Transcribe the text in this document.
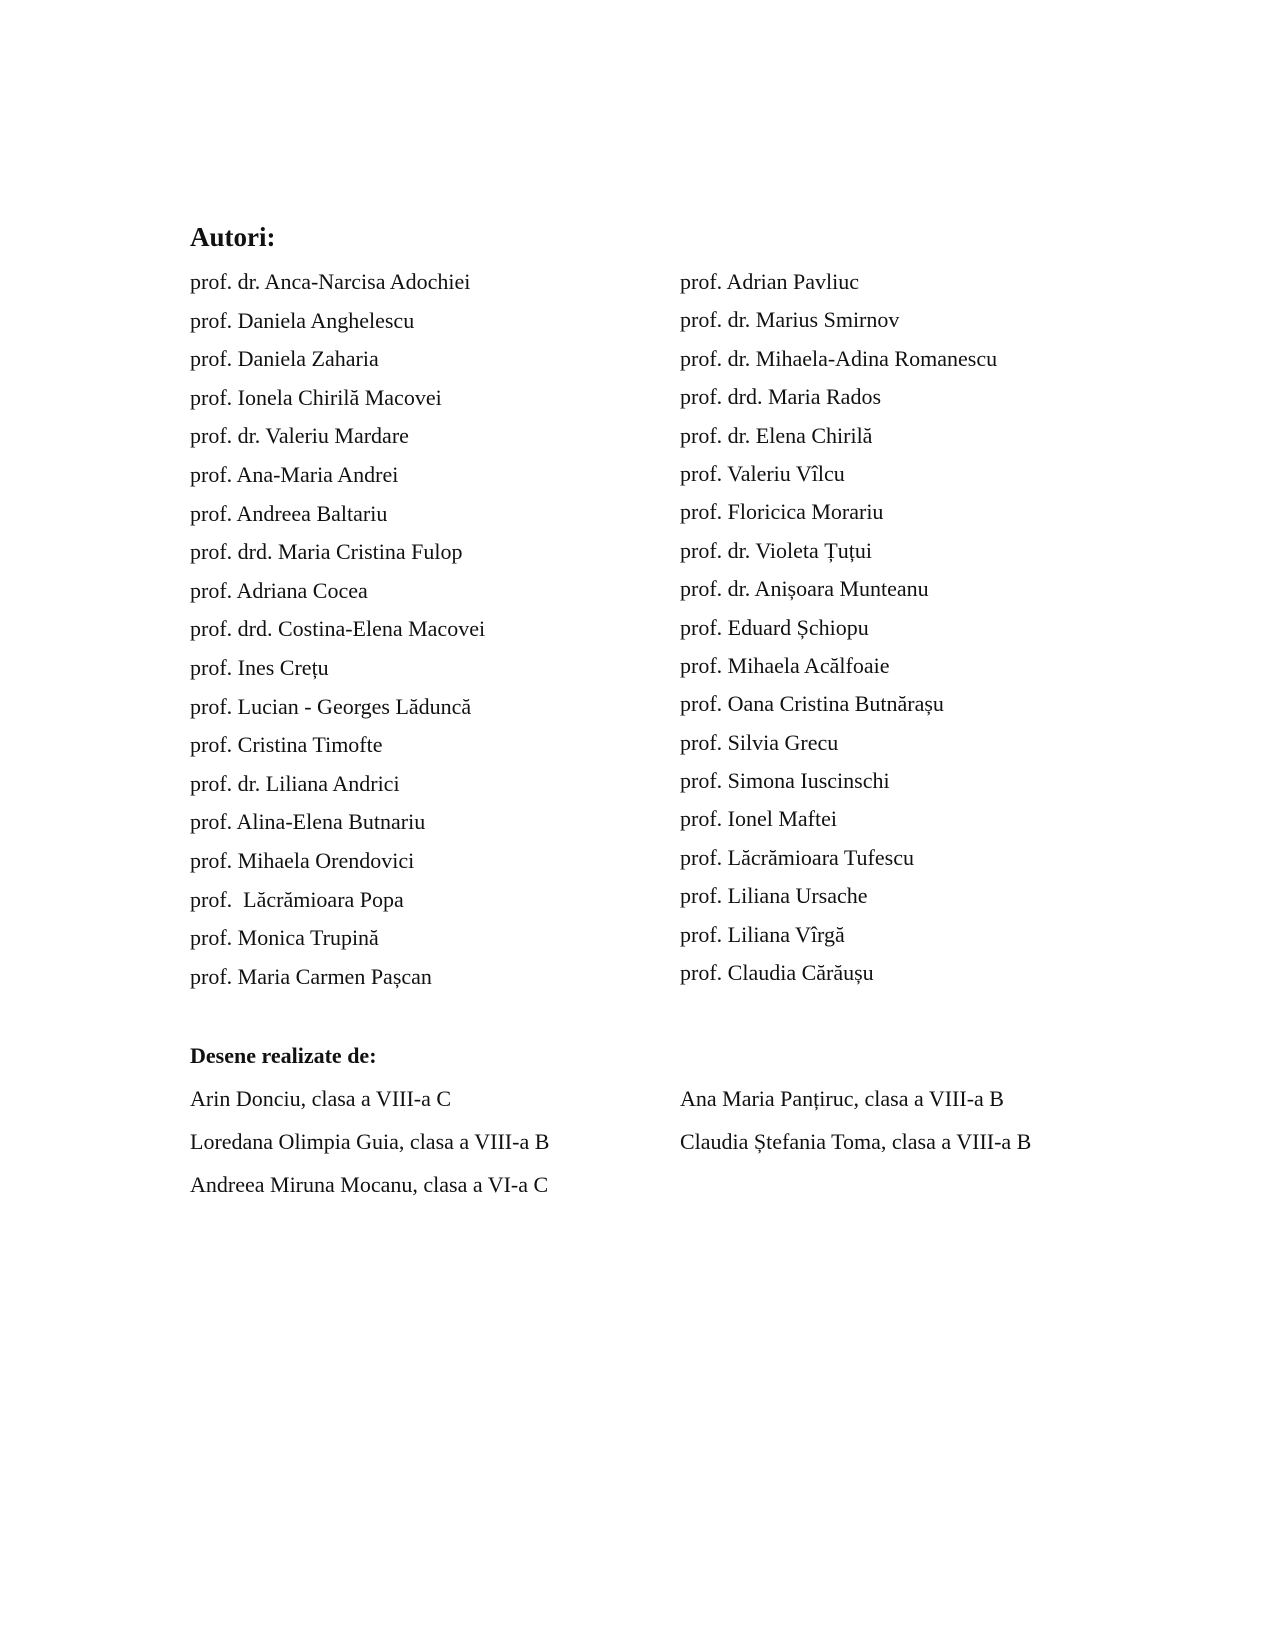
Autori:
prof. dr. Anca-Narcisa Adochiei
prof. Daniela Anghelescu
prof. Daniela Zaharia
prof. Ionela Chirilă Macovei
prof. dr. Valeriu Mardare
prof. Ana-Maria Andrei
prof. Andreea Baltariu
prof. drd. Maria Cristina Fulop
prof. Adriana Cocea
prof. drd. Costina-Elena Macovei
prof. Ines Crețu
prof. Lucian - Georges Lăduncă
prof. Cristina Timofte
prof. dr. Liliana Andrici
prof. Alina-Elena Butnariu
prof. Mihaela Orendovici
prof.  Lăcrămioara Popa
prof. Monica Trupină
prof. Maria Carmen Pașcan
prof. Adrian Pavliuc
prof. dr. Marius Smirnov
prof. dr. Mihaela-Adina Romanescu
prof. drd. Maria Rados
prof. dr. Elena Chirilă
prof. Valeriu Vîlcu
prof. Floricica Morariu
prof. dr. Violeta Țuțui
prof. dr. Anișoara Munteanu
prof. Eduard Șchiopu
prof. Mihaela Acălfoaie
prof. Oana Cristina Butnărașu
prof. Silvia Grecu
prof. Simona Iuscinschi
prof. Ionel Maftei
prof. Lăcrămioara Tufescu
prof. Liliana Ursache
prof. Liliana Vîrgă
prof. Claudia Cărăușu
Desene realizate de:
Arin Donciu, clasa a VIII-a C
Loredana Olimpia Guia, clasa a VIII-a B
Andreea Miruna Mocanu, clasa a VI-a C
Ana Maria Panțiruc, clasa a VIII-a B
Claudia Ștefania Toma, clasa a VIII-a B
